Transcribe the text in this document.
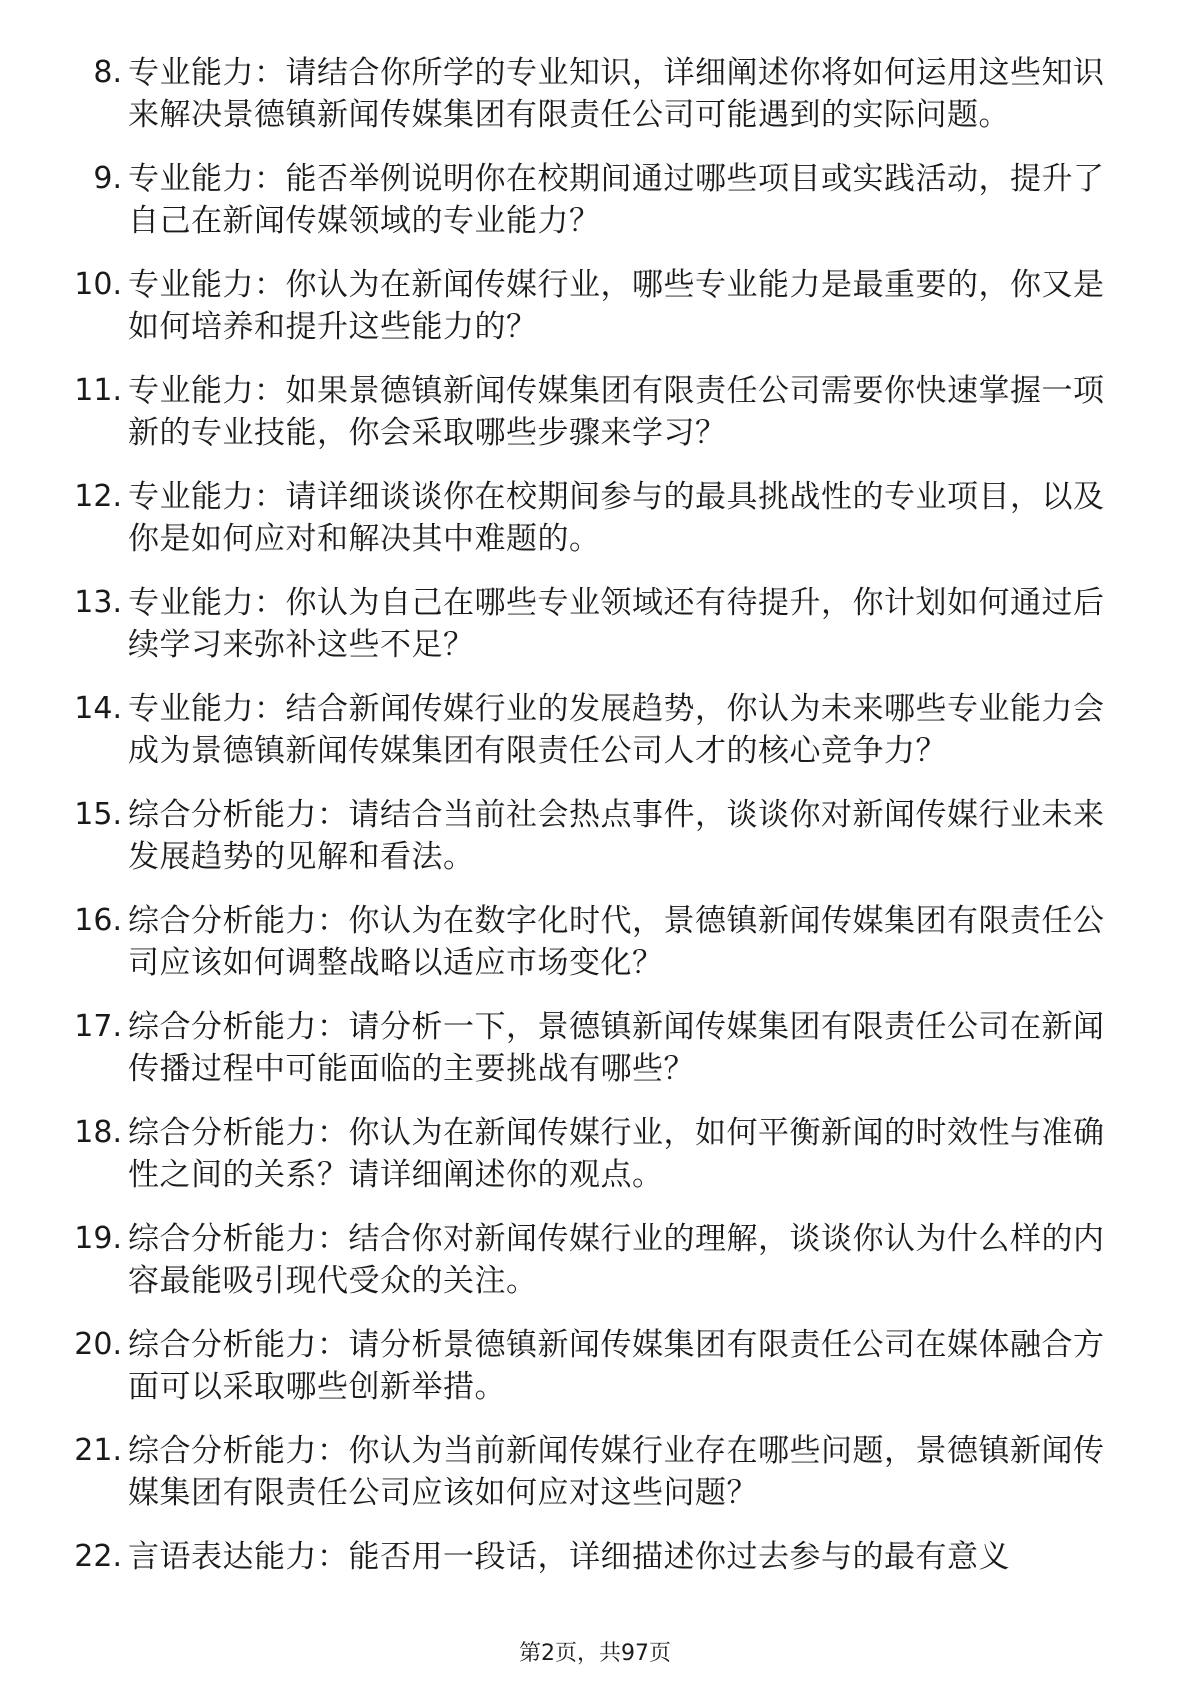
8. 专业能力：请结合你所学的专业知识，详细阐述你将如何运用这些知识来解决景德镇新闻传媒集团有限责任公司可能遇到的实际问题。
9. 专业能力：能否举例说明你在校期间通过哪些项目或实践活动，提升了自己在新闻传媒领域的专业能力？
10. 专业能力：你认为在新闻传媒行业，哪些专业能力是最重要的，你又是如何培养和提升这些能力的？
11. 专业能力：如果景德镇新闻传媒集团有限责任公司需要你快速掌握一项新的专业技能，你会采取哪些步骤来学习？
12. 专业能力：请详细谈谈你在校期间参与的最具挑战性的专业项目，以及你是如何应对和解决其中难题的。
13. 专业能力：你认为自己在哪些专业领域还有待提升，你计划如何通过后续学习来弥补这些不足？
14. 专业能力：结合新闻传媒行业的发展趋势，你认为未来哪些专业能力会成为景德镇新闻传媒集团有限责任公司人才的核心竞争力？
15. 综合分析能力：请结合当前社会热点事件，谈谈你对新闻传媒行业未来发展趋势的见解和看法。
16. 综合分析能力：你认为在数字化时代，景德镇新闻传媒集团有限责任公司应该如何调整战略以适应市场变化？
17. 综合分析能力：请分析一下，景德镇新闻传媒集团有限责任公司在新闻传播过程中可能面临的主要挑战有哪些？
18. 综合分析能力：你认为在新闻传媒行业，如何平衡新闻的时效性与准确性之间的关系？请详细阐述你的观点。
19. 综合分析能力：结合你对新闻传媒行业的理解，谈谈你认为什么样的内容最能吸引现代受众的关注。
20. 综合分析能力：请分析景德镇新闻传媒集团有限责任公司在媒体融合方面可以采取哪些创新举措。
21. 综合分析能力：你认为当前新闻传媒行业存在哪些问题，景德镇新闻传媒集团有限责任公司应该如何应对这些问题？
22. 言语表达能力：能否用一段话，详细描述你过去参与的最有意义
第2页，共97页
